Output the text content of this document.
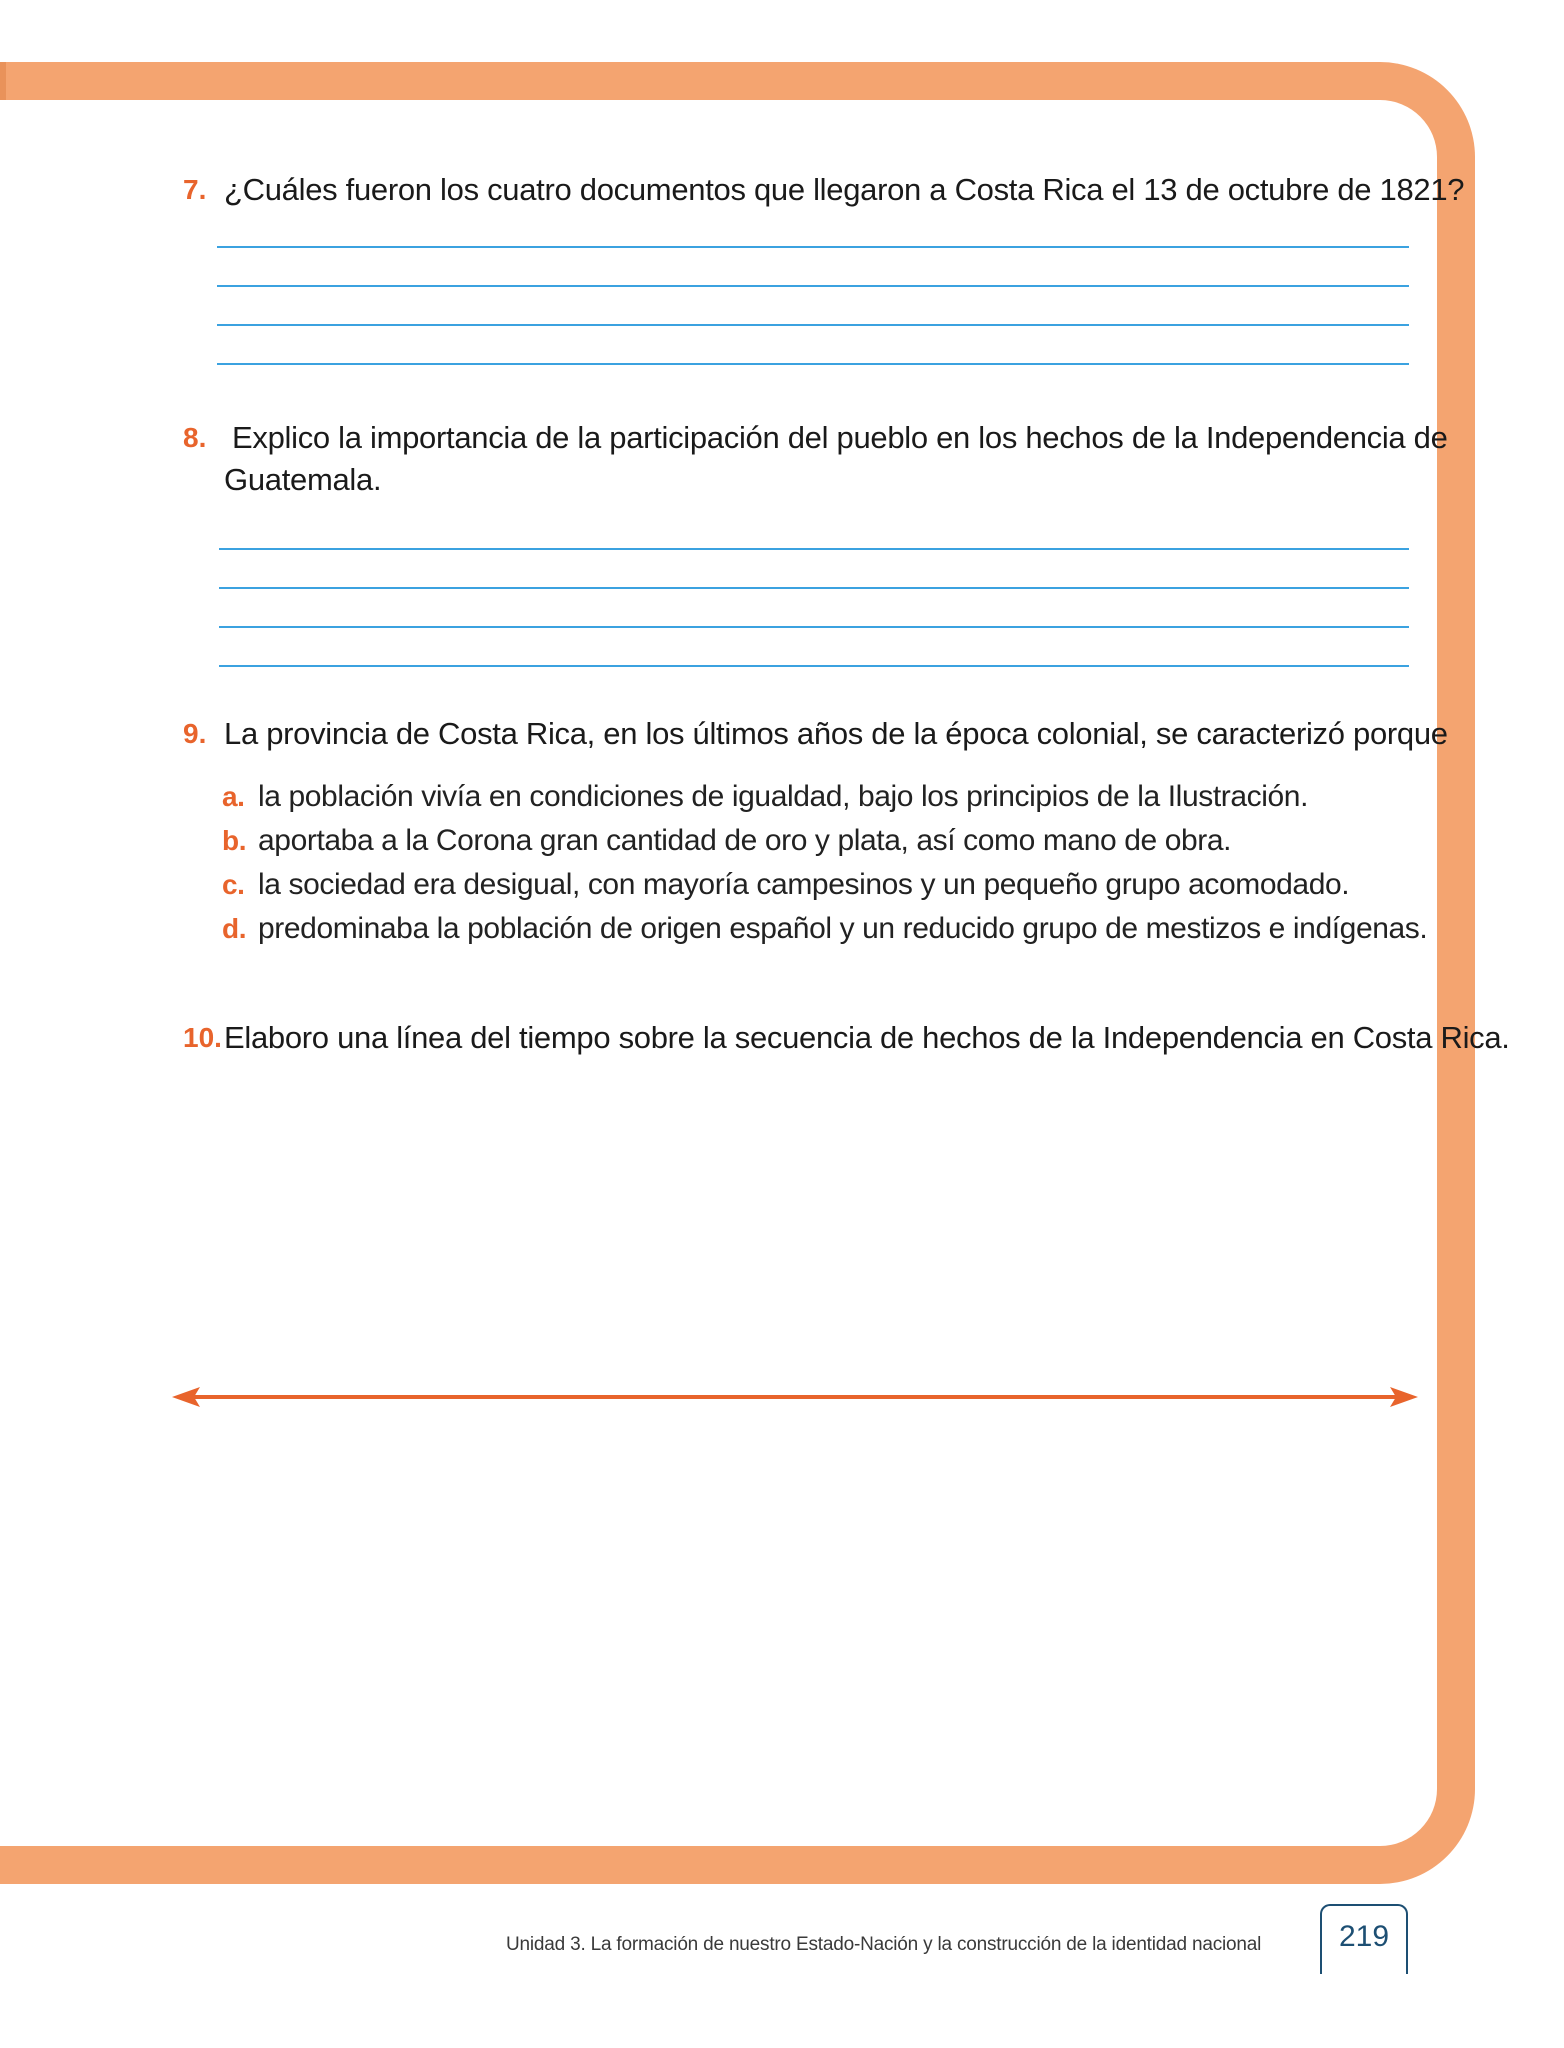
7. ¿Cuáles fueron los cuatro documentos que llegaron a Costa Rica el 13 de octubre de 1821?
8. Explico la importancia de la participación del pueblo en los hechos de la Independencia de
Guatemala.
9. La provincia de Costa Rica, en los últimos años de la época colonial, se caracterizó porque
a. la población vivía en condiciones de igualdad, bajo los principios de la Ilustración.
b. aportaba a la Corona gran cantidad de oro y plata, así como mano de obra.
c. la sociedad era desigual, con mayoría campesinos y un pequeño grupo acomodado.
d. predominaba la población de origen español y un reducido grupo de mestizos e indígenas.
10. Elaboro una línea del tiempo sobre la secuencia de hechos de la Independencia en Costa Rica.
Unidad 3. La formación de nuestro Estado-Nación y la construcción de la identidad nacional	219
